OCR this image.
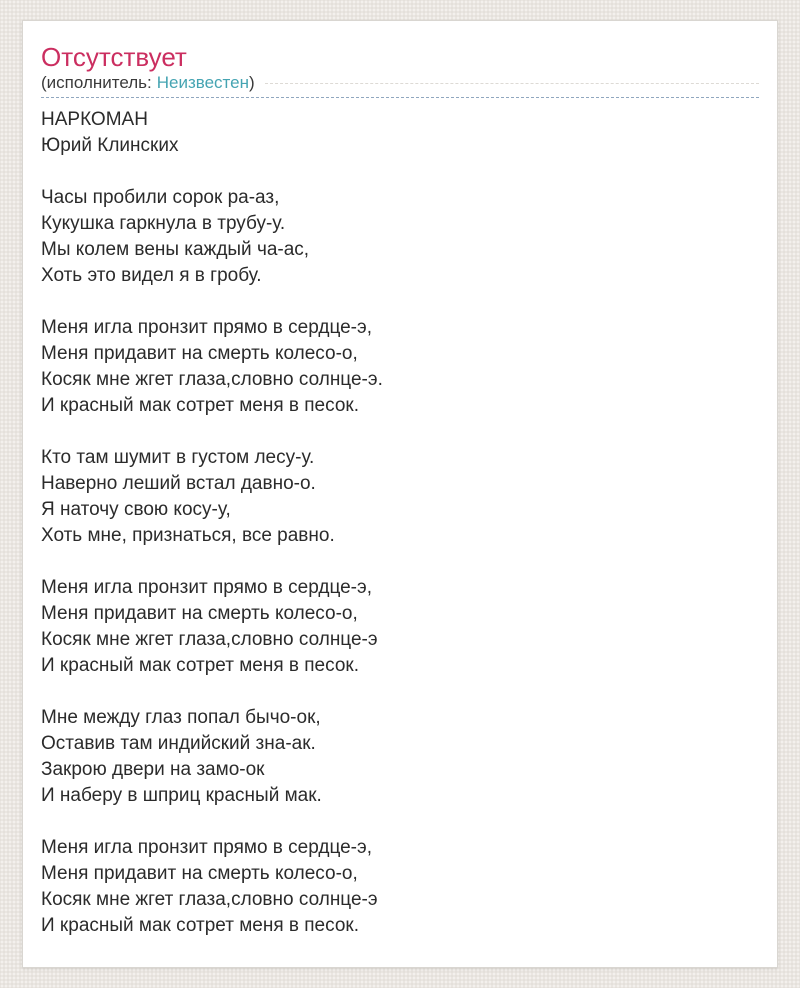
Отсутствует
(исполнитель: Неизвестен )

НАРКОМАН
Юрий Клинских

Часы пробили сорок ра-аз,
Кукушка гаркнула в трубу-у.
Мы колем вены каждый ча-ас,
Хоть это видел я в гробу.

Меня игла пронзит прямо в сердце-э,
Меня придавит на смерть колесо-о,
Косяк мне жгет глаза,словно солнце-э.
И красный мак сотрет меня в песок.

Кто там шумит в густом лесу-у.
Наверно леший встал давно-о.
Я наточу свою косу-у,
Хоть мне, признаться, все равно.

Меня игла пронзит прямо в сердце-э,
Меня придавит на смерть колесо-о,
Косяк мне жгет глаза,словно солнце-э
И красный мак сотрет меня в песок.

Мне между глаз попал бычо-ок,
Оставив там индийский зна-ак.
Закрою двери на замо-ок
И наберу в шприц красный мак.

Меня игла пронзит прямо в сердце-э,
Меня придавит на смерть колесо-о,
Косяк мне жгет глаза,словно солнце-э
И красный мак сотрет меня в песок.
